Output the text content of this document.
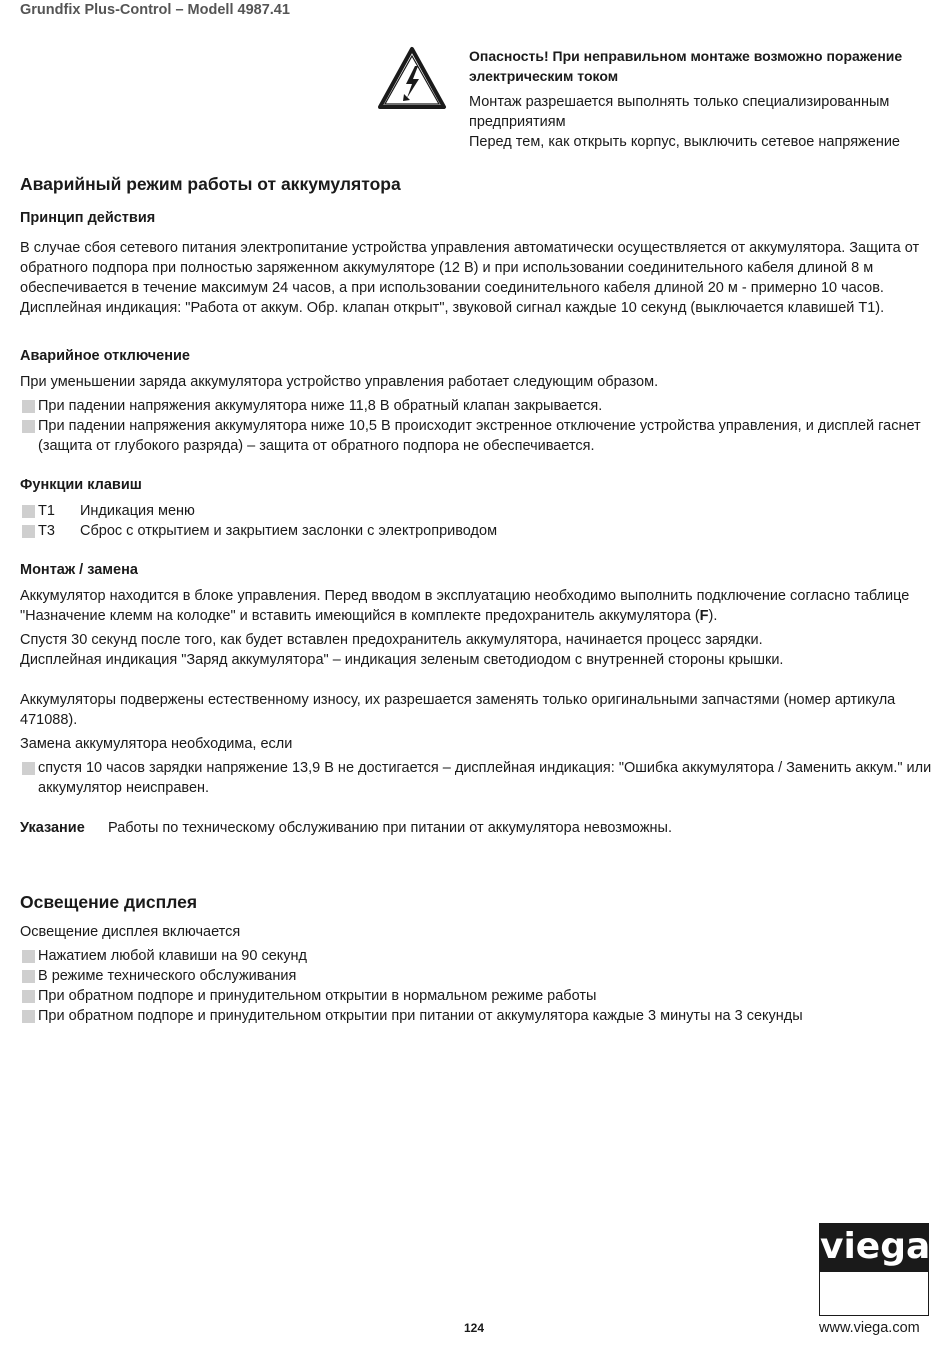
Grundfix Plus-Control – Modell 4987.41

Опасность! При неправильном монтаже возможно поражение электрическим током

Монтаж разрешается выполнять только специализированным предприятиям

Перед тем, как открыть корпус, выключить сетевое напряжение

Аварийный режим работы от аккумулятора
Принцип действия

В случае сбоя сетевого питания электропитание устройства управления автоматически осуществляется от аккумулятора. Защита от обратного подпора при полностью заряженном аккумуляторе (12 В) и при использовании соединительного кабеля длиной 8 м обеспечивается в течение максимум 24 часов, а при использовании соединительного кабеля длиной 20 м - примерно 10 часов.

Дисплейная индикация: "Работа от аккум. Обр. клапан открыт", звуковой сигнал каждые 10 секунд (выключается клавишей T1).

Аварийное отключение

При уменьшении заряда аккумулятора устройство управления работает следующим образом.

При падении напряжения аккумулятора ниже 11,8 В обратный клапан закрывается.
При падении напряжения аккумулятора ниже 10,5 В происходит экстренное отключение устройства управления, и дисплей гаснет (защита от глубокого разряда) – защита от обратного подпора не обеспечивается.
Функции клавиш
T1 Индикация меню
T3 Сброс с открытием и закрытием заслонки с электроприводом
Монтаж / замена

Аккумулятор находится в блоке управления. Перед вводом в эксплуатацию необходимо выполнить подключение согласно таблице "Назначение клемм на колодке" и вставить имеющийся в комплекте предохранитель аккумулятора (F).

Спустя 30 секунд после того, как будет вставлен предохранитель аккумулятора, начинается процесс зарядки.

Дисплейная индикация "Заряд аккумулятора" – индикация зеленым светодиодом с внутренней стороны крышки.

Аккумуляторы подвержены естественному износу, их разрешается заменять только оригинальными запчастями (номер артикула 471088).

Замена аккумулятора необходима, если

спустя 10 часов зарядки напряжение 13,9 В не достигается – дисплейная индикация: "Ошибка аккумулятора / Заменить аккум." или аккумулятор неисправен.
Указание Работы по техническому обслуживанию при питании от аккумулятора невозможны.
Освещение дисплея

Освещение дисплея включается

Нажатием любой клавиши на 90 секунд
В режиме технического обслуживания
При обратном подпоре и принудительном открытии в нормальном режиме работы
При обратном подпоре и принудительном открытии при питании от аккумулятора каждые 3 минуты на 3 секунды
viega
124	www.viega.com
